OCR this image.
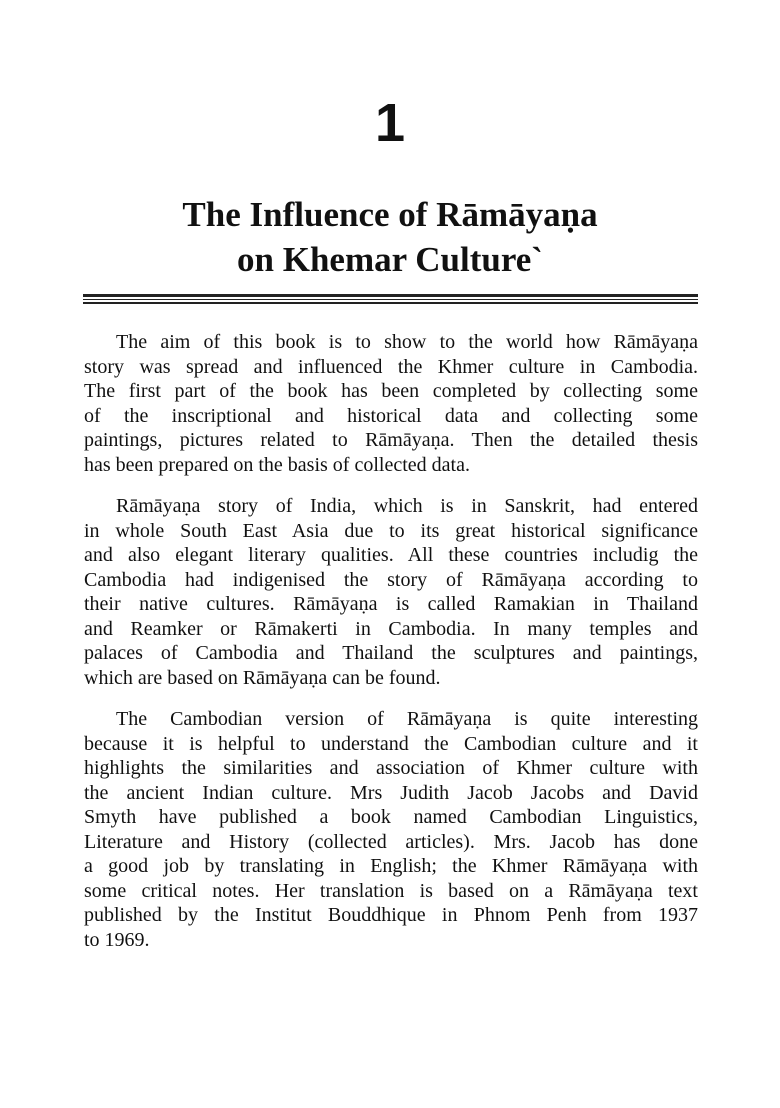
1
The Influence of Rāmāyaṇa
on Khemar Culture`
The aim of this book is to show to the world how Rāmāyaṇa
story was spread and influenced the Khmer culture in Cambodia.
The first part of the book has been completed by collecting some
of the inscriptional and historical data and collecting some
paintings, pictures related to Rāmāyaṇa. Then the detailed thesis
has been prepared on the basis of collected data.
Rāmāyaṇa story of India, which is in Sanskrit, had entered
in whole South East Asia due to its great historical significance
and also elegant literary qualities. All these countries includig the
Cambodia had indigenised the story of Rāmāyaṇa according to
their native cultures. Rāmāyaṇa is called Ramakian in Thailand
and Reamker or Rāmakerti in Cambodia. In many temples and
palaces of Cambodia and Thailand the sculptures and paintings,
which are based on Rāmāyaṇa can be found.
The Cambodian version of Rāmāyaṇa is quite interesting
because it is helpful to understand the Cambodian culture and it
highlights the similarities and association of Khmer culture with
the ancient Indian culture. Mrs Judith Jacob Jacobs and David
Smyth have published a book named Cambodian Linguistics,
Literature and History (collected articles). Mrs. Jacob has done
a good job by translating in English; the Khmer Rāmāyaṇa with
some critical notes. Her translation is based on a Rāmāyaṇa text
published by the Institut Bouddhique in Phnom Penh from 1937
to 1969.
